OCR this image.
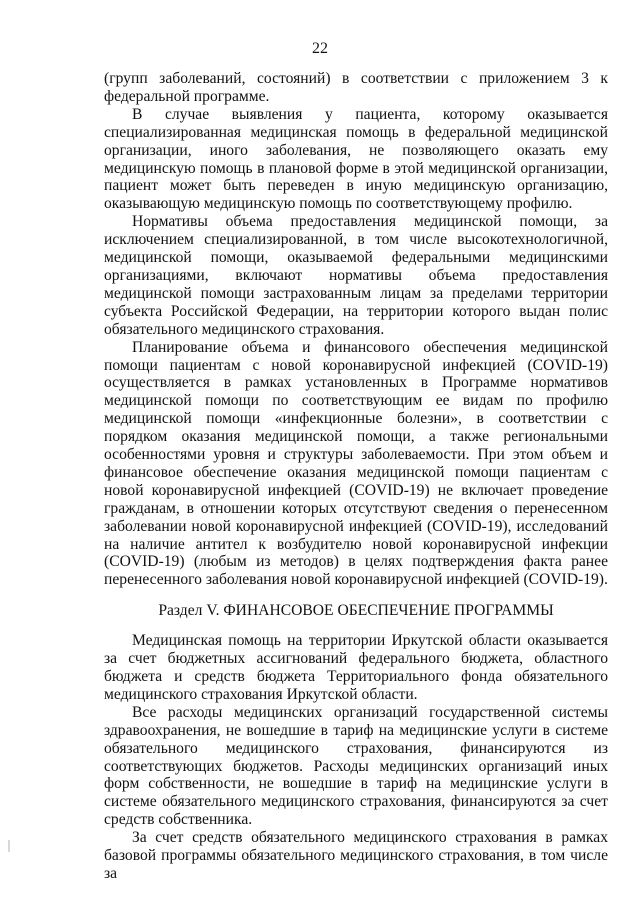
22

(групп заболеваний, состояний) в соответствии с приложением 3 к федеральной программе.

В случае выявления у пациента, которому оказывается специализированная медицинская помощь в федеральной медицинской организации, иного заболевания, не позволяющего оказать ему медицинскую помощь в плановой форме в этой медицинской организации, пациент может быть переведен в иную медицинскую организацию, оказывающую медицинскую помощь по соответствующему профилю.

Нормативы объема предоставления медицинской помощи, за исключением специализированной, в том числе высокотехнологичной, медицинской помощи, оказываемой федеральными медицинскими организациями, включают нормативы объема предоставления медицинской помощи застрахованным лицам за пределами территории субъекта Российской Федерации, на территории которого выдан полис обязательного медицинского страхования.

Планирование объема и финансового обеспечения медицинской помощи пациентам с новой коронавирусной инфекцией (COVID-19) осуществляется в рамках установленных в Программе нормативов медицинской помощи по соответствующим ее видам по профилю медицинской помощи «инфекционные болезни», в соответствии с порядком оказания медицинской помощи, а также региональными особенностями уровня и структуры заболеваемости. При этом объем и финансовое обеспечение оказания медицинской помощи пациентам с новой коронавирусной инфекцией (COVID-19) не включает проведение гражданам, в отношении которых отсутствуют сведения о перенесенном заболевании новой коронавирусной инфекцией (COVID-19), исследований на наличие антител к возбудителю новой коронавирусной инфекции (COVID-19) (любым из методов) в целях подтверждения факта ранее перенесенного заболевания новой коронавирусной инфекцией (COVID-19).

Раздел V. ФИНАНСОВОЕ ОБЕСПЕЧЕНИЕ ПРОГРАММЫ

Медицинская помощь на территории Иркутской области оказывается за счет бюджетных ассигнований федерального бюджета, областного бюджета и средств бюджета Территориального фонда обязательного медицинского страхования Иркутской области.

Все расходы медицинских организаций государственной системы здравоохранения, не вошедшие в тариф на медицинские услуги в системе обязательного медицинского страхования, финансируются из соответствующих бюджетов. Расходы медицинских организаций иных форм собственности, не вошедшие в тариф на медицинские услуги в системе обязательного медицинского страхования, финансируются за счет средств собственника.

За счет средств обязательного медицинского страхования в рамках базовой программы обязательного медицинского страхования, в том числе за
